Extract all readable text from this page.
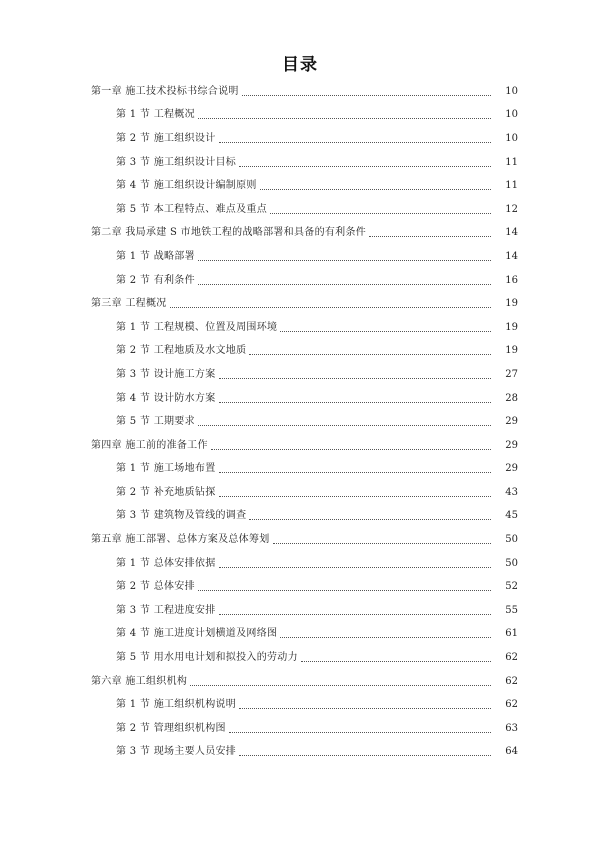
目录
第一章 施工技术投标书综合说明	10
第 1 节 工程概况	10
第 2 节 施工组织设计	10
第 3 节 施工组织设计目标	11
第 4 节 施工组织设计编制原则	11
第 5 节 本工程特点、难点及重点	12
第二章 我局承建 S 市地铁工程的战略部署和具备的有利条件	14
第 1 节 战略部署	14
第 2 节 有利条件	16
第三章 工程概况	19
第 1 节 工程规模、位置及周围环境	19
第 2 节 工程地质及水文地质	19
第 3 节 设计施工方案	27
第 4 节 设计防水方案	28
第 5 节 工期要求	29
第四章 施工前的准备工作	29
第 1 节 施工场地布置	29
第 2 节 补充地质钻探	43
第 3 节 建筑物及管线的调查	45
第五章 施工部署、总体方案及总体筹划	50
第 1 节 总体安排依据	50
第 2 节 总体安排	52
第 3 节 工程进度安排	55
第 4 节 施工进度计划横道及网络图	61
第 5 节 用水用电计划和拟投入的劳动力	62
第六章 施工组织机构	62
第 1 节 施工组织机构说明	62
第 2 节 管理组织机构图	63
第 3 节 现场主要人员安排	64
